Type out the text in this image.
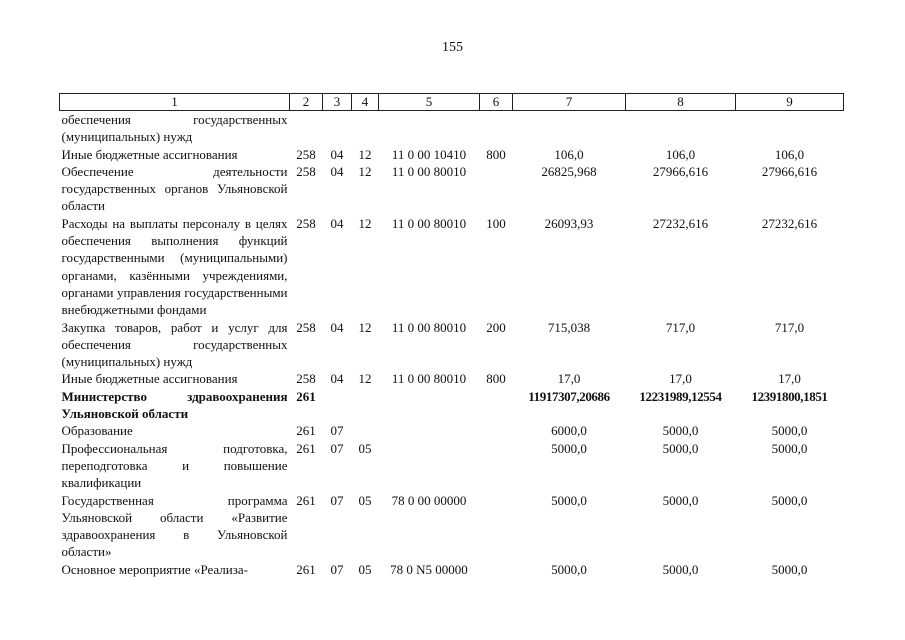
155
1	2	3	4	5	6	7	8	9
обеспечения государственных (муниципальных) нужд								
Иные бюджетные ассигнования	258	04	12	11 0 00 10410	800	106,0	106,0	106,0
Обеспечение деятельности государственных органов Ульяновской области	258	04	12	11 0 00 80010		26825,968	27966,616	27966,616
Расходы на выплаты персоналу в целях обеспечения выполнения функций государственными (муниципальными) органами, казёнными учреждениями, органами управления государственными внебюджетными фондами	258	04	12	11 0 00 80010	100	26093,93	27232,616	27232,616
Закупка товаров, работ и услуг для обеспечения государственных (муниципальных) нужд	258	04	12	11 0 00 80010	200	715,038	717,0	717,0
Иные бюджетные ассигнования	258	04	12	11 0 00 80010	800	17,0	17,0	17,0
Министерство здравоохранения Ульяновской области	261					11917307,20686	12231989,12554	12391800,1851
Образование	261	07				6000,0	5000,0	5000,0
Профессиональная подготовка, переподготовка и повышение квалификации	261	07	05			5000,0	5000,0	5000,0
Государственная программа Ульяновской области «Развитие здравоохранения в Ульяновской области»	261	07	05	78 0 00 00000		5000,0	5000,0	5000,0
Основное мероприятие «Реализа-	261	07	05	78 0 N5 00000		5000,0	5000,0	5000,0
